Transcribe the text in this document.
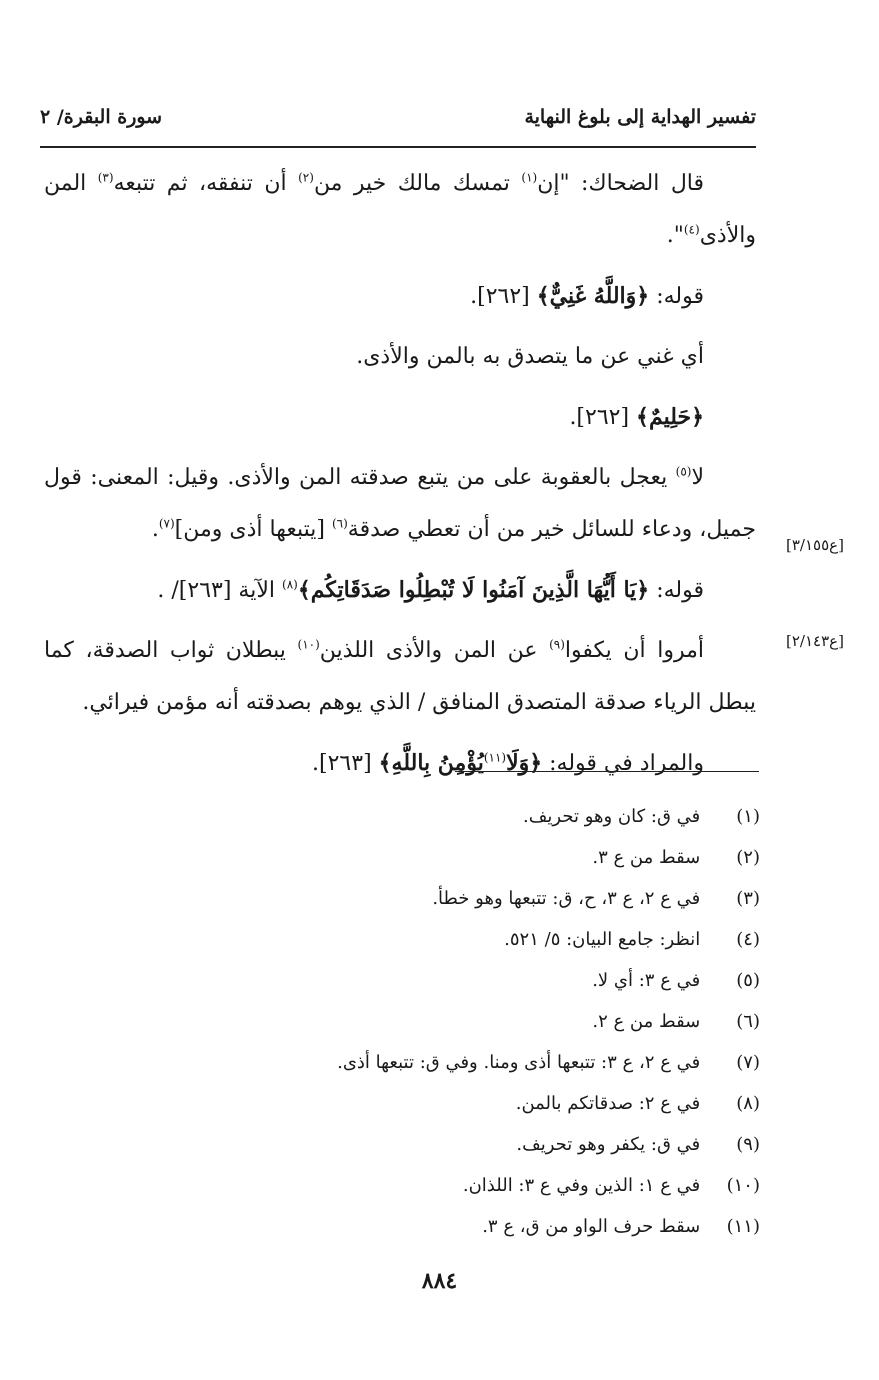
تفسير الهداية إلى بلوغ النهاية
سورة البقرة/ ٢

قال الضحاك: "إن$^{(١)}$ تمسك مالك خير من$^{(٢)}$ أن تنفقه، ثم تتبعه$^{(٣)}$ المن والأذى$^{(٤)}$".

قوله: ﴿وَاللَّهُ غَنِيٌّ﴾ [٢٦٢].

أي غني عن ما يتصدق به بالمن والأذى.

﴿حَلِيمٌ﴾ [٢٦٢].

لا$^{(٥)}$ يعجل بالعقوبة على من يتبع صدقته المن والأذى. وقيل: المعنى: قول جميل، ودعاء للسائل خير من أن تعطي صدقة$^{(٦)}$ [يتبعها أذى ومن]$^{(٧)}$.

قوله: ﴿يَا أَيُّهَا الَّذِينَ آمَنُوا لَا تُبْطِلُوا صَدَقَاتِكُم﴾$^{(٨)}$ الآية [٢٦٣]/ .

أمروا أن يكفوا$^{(٩)}$ عن المن والأذى اللذين$^{(١٠)}$ يبطلان ثواب الصدقة، كما يبطل الرياء صدقة المتصدق المنافق / الذي يوهم بصدقته أنه مؤمن فيرائي.

والمراد في قوله: ﴿وَلَا$^{(١١)}$يُؤْمِنُ بِاللَّهِ﴾ [٢٦٣].

[ع٣/١٥٥]
[ع٢/١٤٣]
(١) في ق: كان وهو تحريف.
(٢) سقط من ع ٣.
(٣) في ع ٢، ع ٣، ح، ق: تتبعها وهو خطأ.
(٤) انظر: جامع البيان: ٥/ ٥٢١.
(٥) في ع ٣: أي لا.
(٦) سقط من ع ٢.
(٧) في ع ٢، ع ٣: تتبعها أذى ومنا. وفي ق: تتبعها أذى.
(٨) في ع ٢: صدقاتكم بالمن.
(٩) في ق: يكفر وهو تحريف.
(١٠) في ع ١: الذين وفي ع ٣: اللذان.
(١١) سقط حرف الواو من ق، ع ٣.
٨٨٤
